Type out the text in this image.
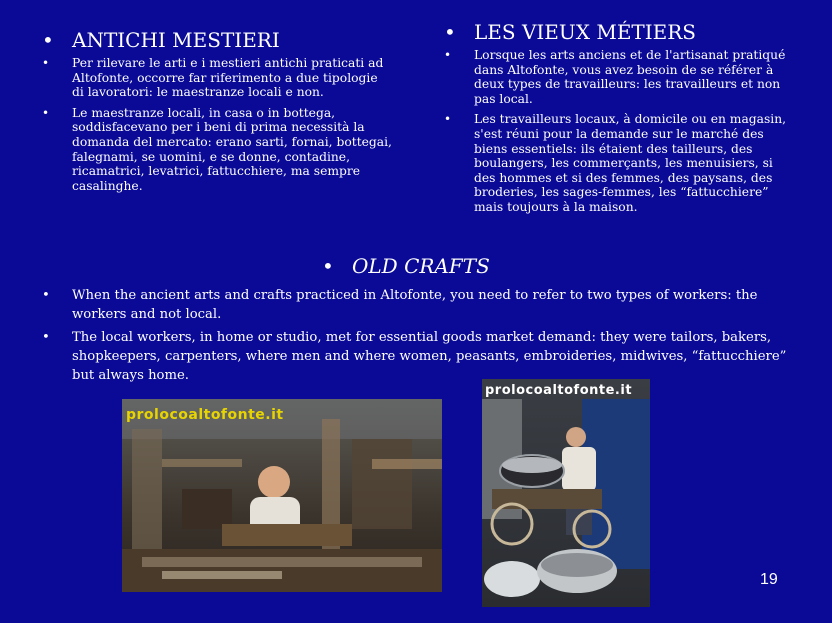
• ANTICHI MESTIERI
•	Per rilevare le arti e i mestieri antichi praticati ad Altofonte, occorre far riferimento a due tipologie di lavoratori: le maestranze locali e non.
•	Le maestranze locali, in casa o in bottega, soddisfacevano per i beni di prima necessità la domanda del mercato: erano sarti, fornai, bottegai, falegnami, se uomini, e se donne, contadine, ricamatrici, levatrici, fattucchiere, ma sempre casalinghe.
• LES VIEUX MÉTIERS
•	Lorsque les arts anciens et de l'artisanat pratiqué dans Altofonte, vous avez besoin de se référer à deux types de travailleurs: les travailleurs et non pas local.
•	Les travailleurs locaux, à domicile ou en magasin, s'est réuni pour la demande sur le marché des biens essentiels: ils étaient des tailleurs, des boulangers, les commerçants, les menuisiers, si des hommes et si des femmes, des paysans, des broderies, les sages-femmes, les “fattucchiere” mais toujours à la maison.
• OLD CRAFTS
•	When the ancient arts and crafts practiced in Altofonte, you need to refer to two types of workers: the workers and not local.
•	The local workers, in home or studio, met for essential goods market demand: they were tailors, bakers, shopkeepers, carpenters, where men and where women, peasants, embroideries, midwives, “fattucchiere” but always home.
prolocoaltofonte.it
prolocoaltofonte.it
19
